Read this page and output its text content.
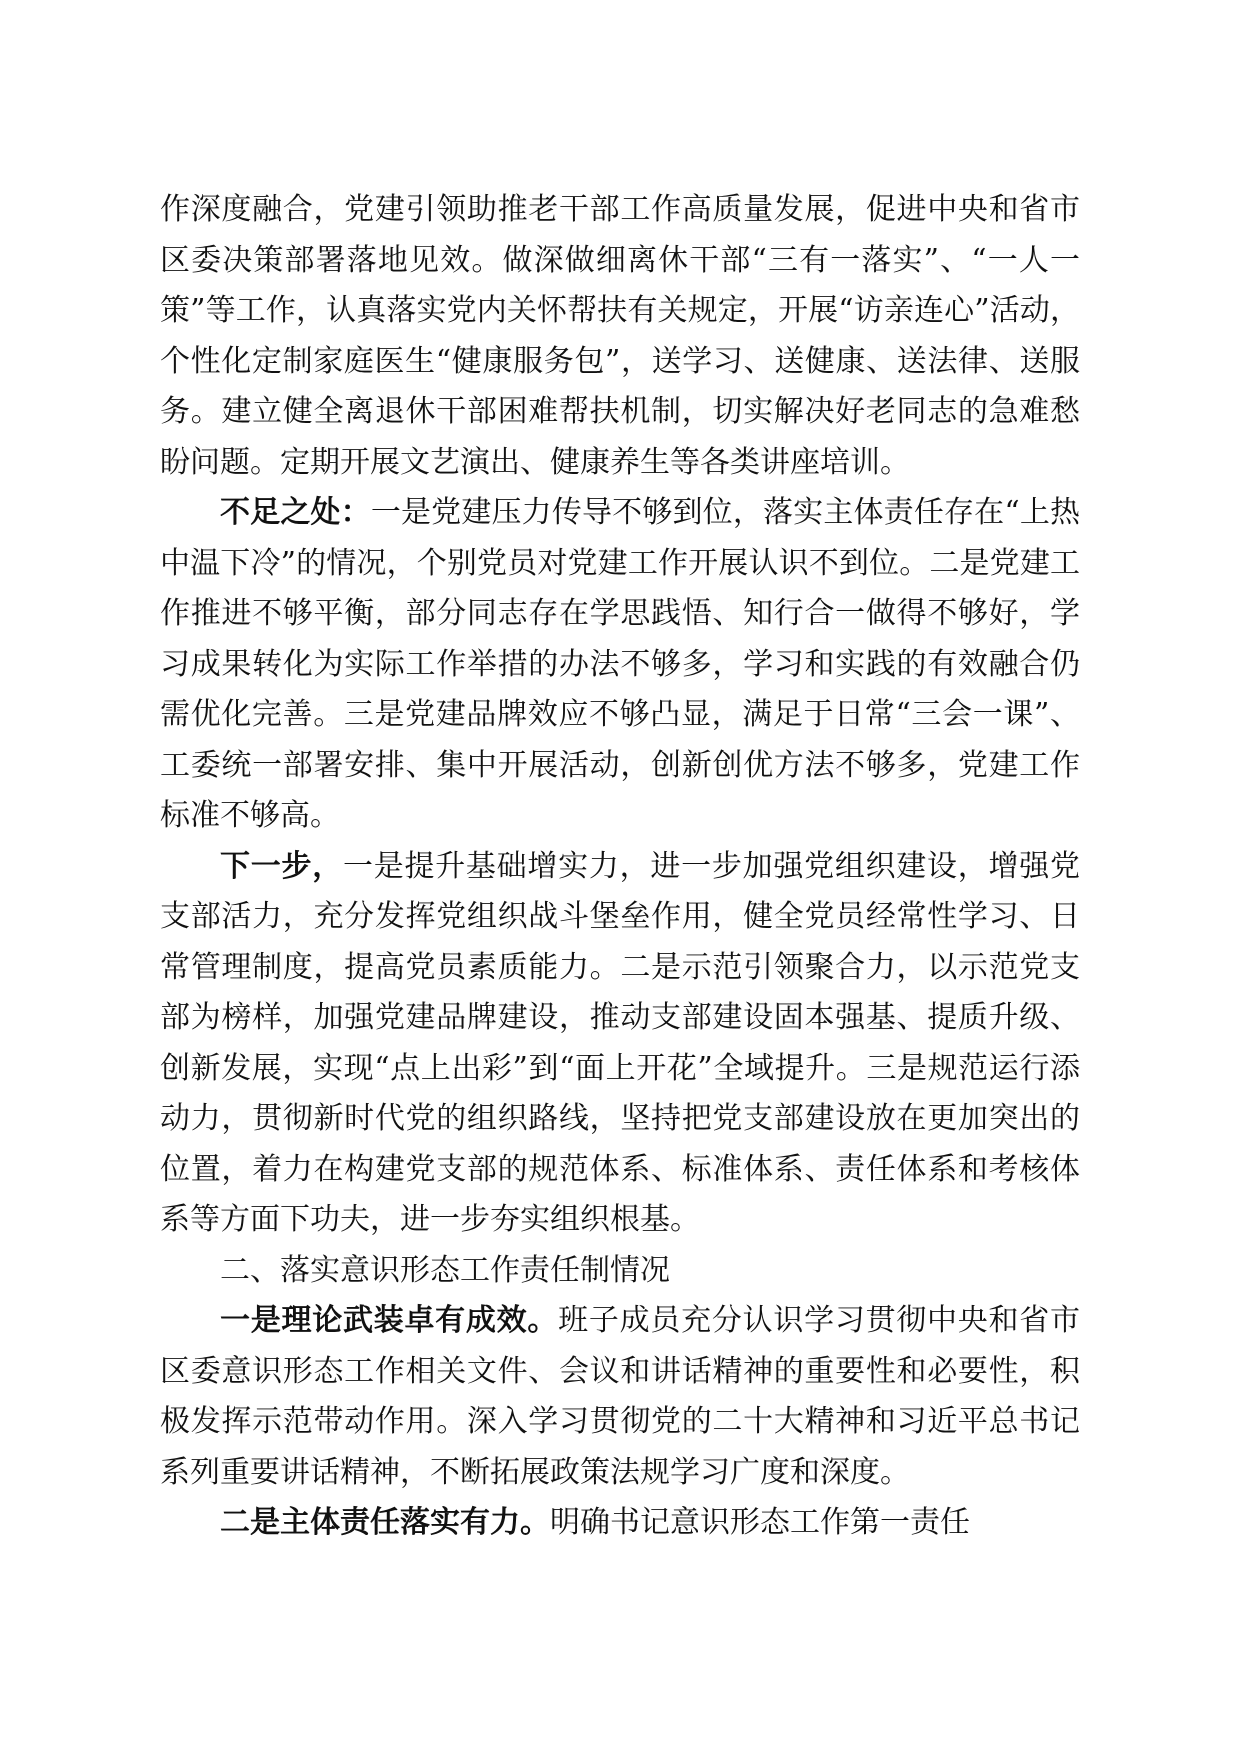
作深度融合，党建引领助推老干部工作高质量发展，促进中央和省市区委决策部署落地见效。做深做细离休干部“三有一落实”、“一人一策”等工作，认真落实党内关怀帮扶有关规定，开展“访亲连心”活动，个性化定制家庭医生“健康服务包”，送学习、送健康、送法律、送服务。建立健全离退休干部困难帮扶机制，切实解决好老同志的急难愁盼问题。定期开展文艺演出、健康养生等各类讲座培训。

不足之处：一是党建压力传导不够到位，落实主体责任存在“上热中温下冷”的情况，个别党员对党建工作开展认识不到位。二是党建工作推进不够平衡，部分同志存在学思践悟、知行合一做得不够好，学习成果转化为实际工作举措的办法不够多，学习和实践的有效融合仍需优化完善。三是党建品牌效应不够凸显，满足于日常“三会一课”、工委统一部署安排、集中开展活动，创新创优方法不够多，党建工作标准不够高。

下一步，一是提升基础增实力，进一步加强党组织建设，增强党支部活力，充分发挥党组织战斗堡垒作用，健全党员经常性学习、日常管理制度，提高党员素质能力。二是示范引领聚合力，以示范党支部为榜样，加强党建品牌建设，推动支部建设固本强基、提质升级、创新发展，实现“点上出彩”到“面上开花”全域提升。三是规范运行添动力，贯彻新时代党的组织路线，坚持把党支部建设放在更加突出的位置，着力在构建党支部的规范体系、标准体系、责任体系和考核体系等方面下功夫，进一步夯实组织根基。

二、落实意识形态工作责任制情况

一是理论武装卓有成效。班子成员充分认识学习贯彻中央和省市区委意识形态工作相关文件、会议和讲话精神的重要性和必要性，积极发挥示范带动作用。深入学习贯彻党的二十大精神和习近平总书记系列重要讲话精神，不断拓展政策法规学习广度和深度。

二是主体责任落实有力。明确书记意识形态工作第一责任
